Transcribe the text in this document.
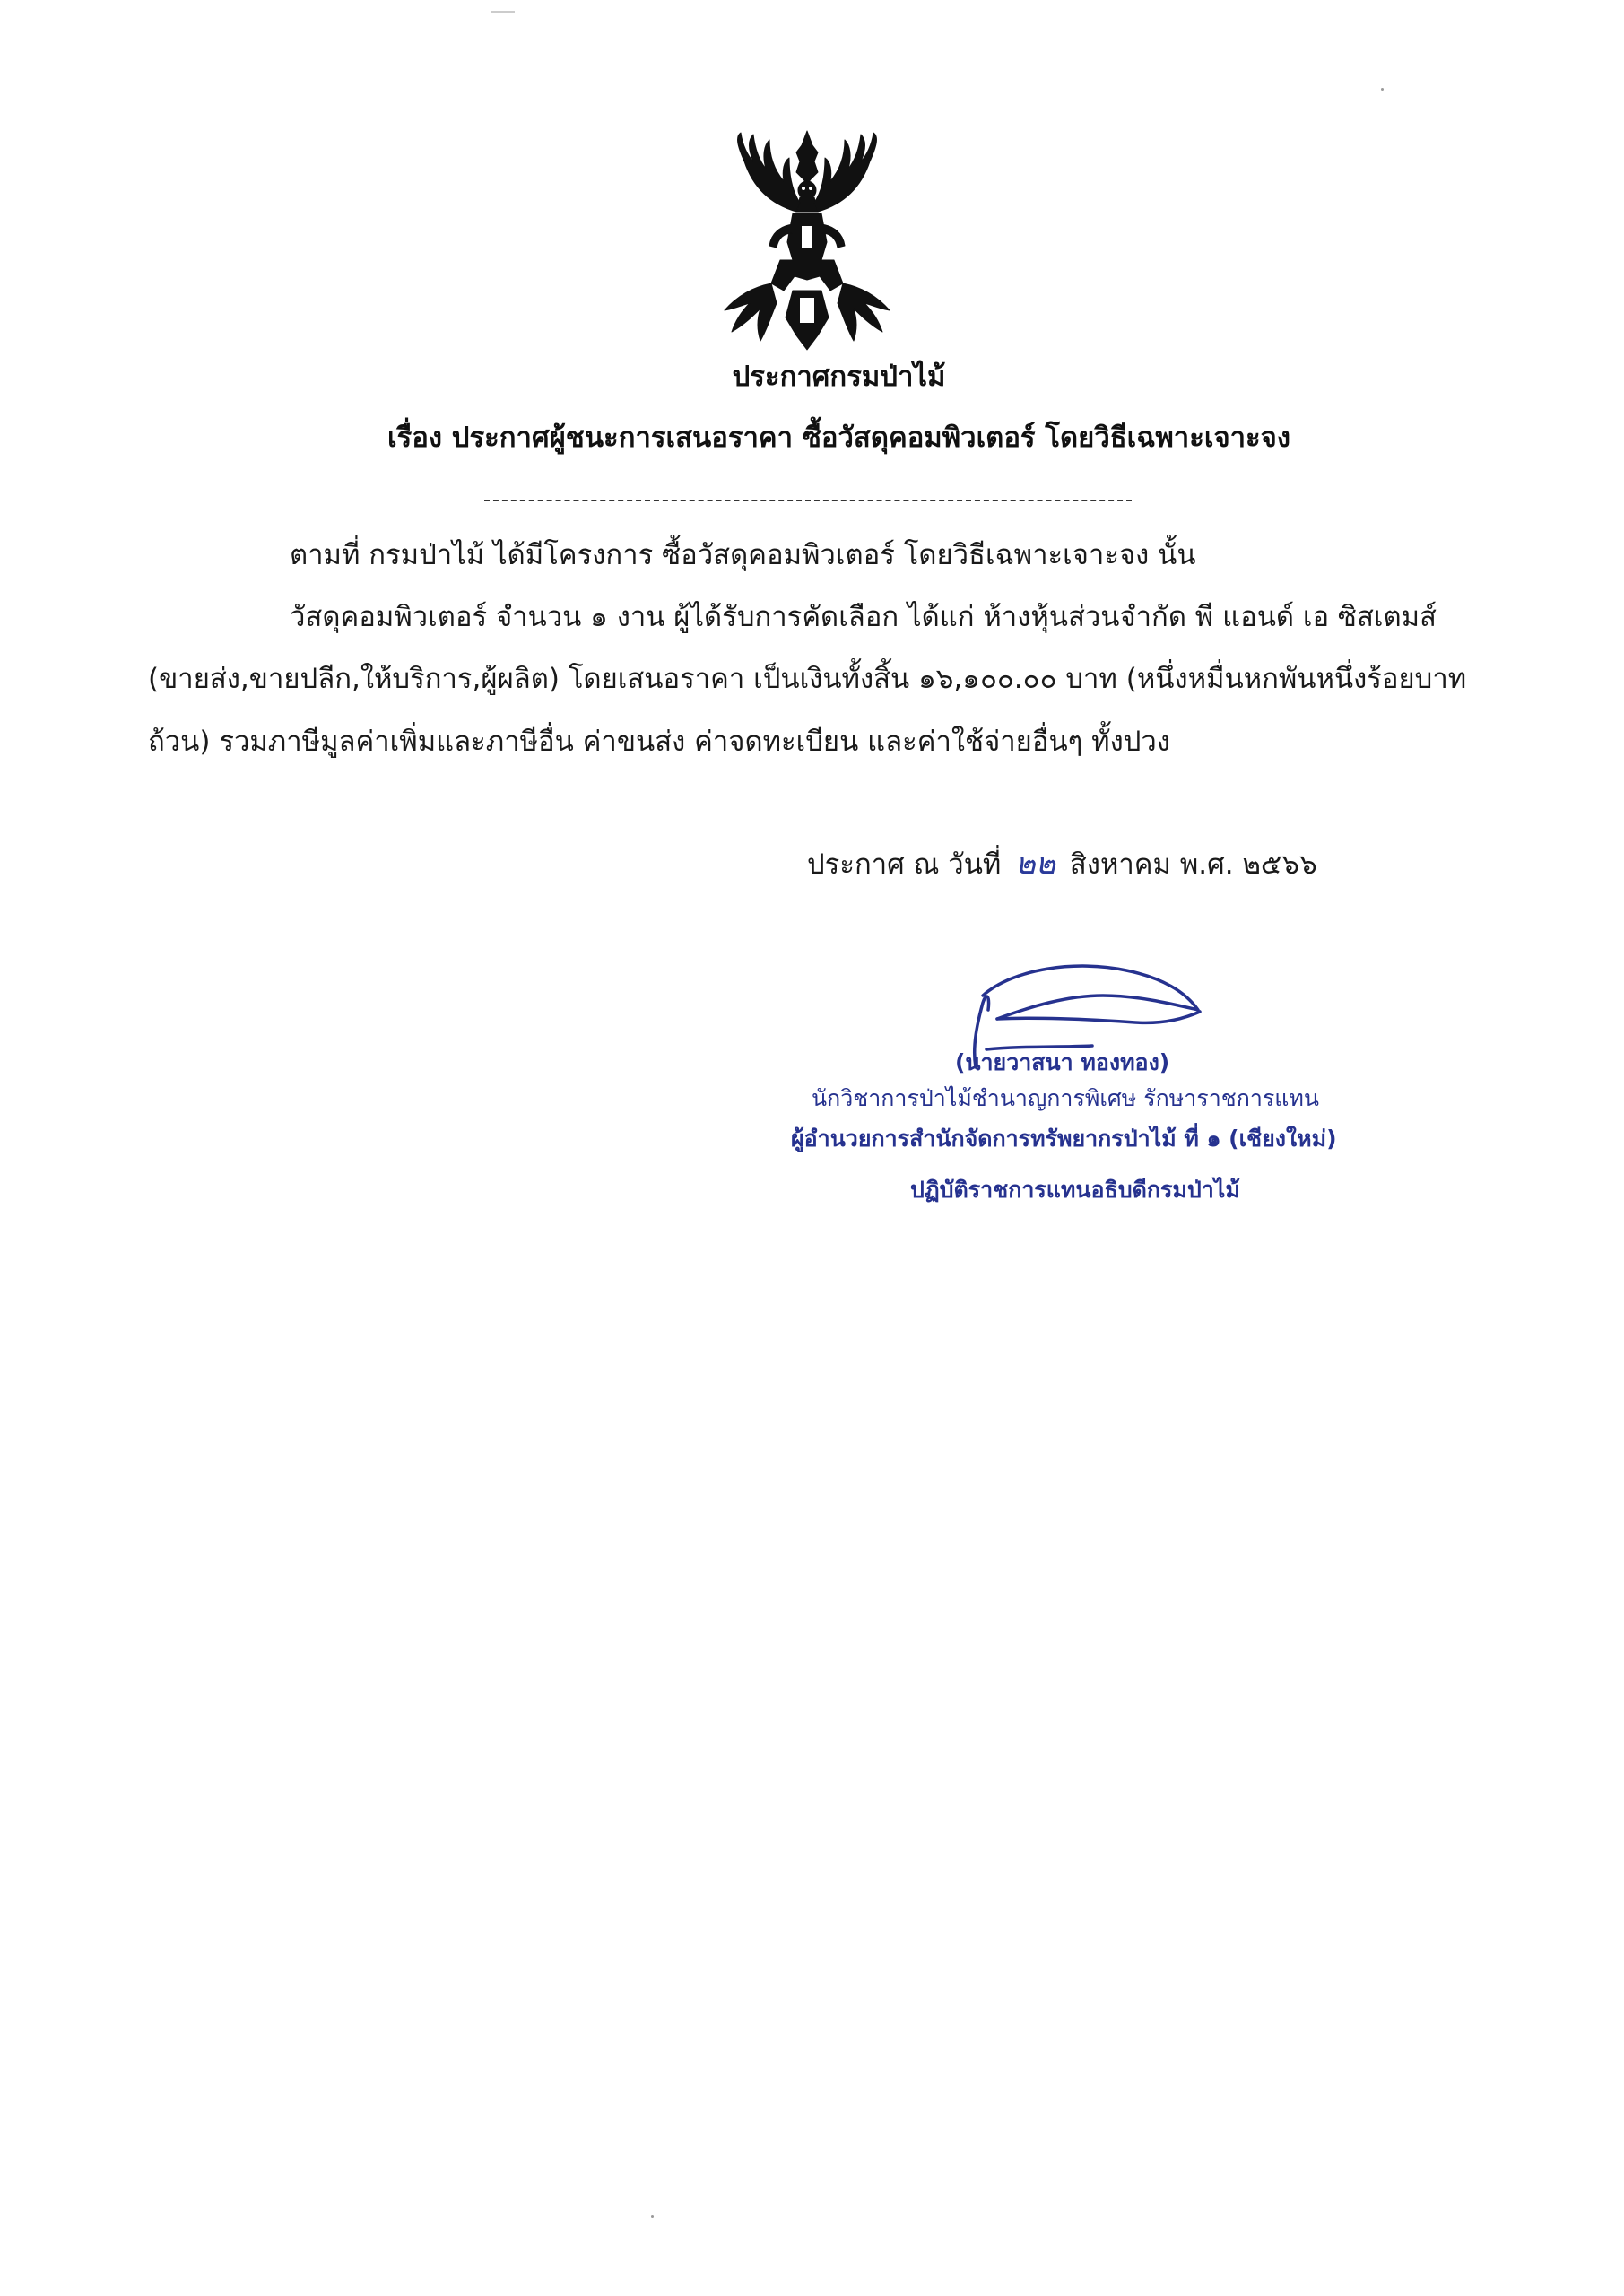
ประกาศกรมป่าไม้
เรื่อง ประกาศผู้ชนะการเสนอราคา ซื้อวัสดุคอมพิวเตอร์ โดยวิธีเฉพาะเจาะจง
ตามที่ กรมป่าไม้ ได้มีโครงการ ซื้อวัสดุคอมพิวเตอร์ โดยวิธีเฉพาะเจาะจง นั้น
วัสดุคอมพิวเตอร์ จำนวน ๑ งาน ผู้ได้รับการคัดเลือก ได้แก่ ห้างหุ้นส่วนจำกัด พี แอนด์ เอ ซิสเตมส์
(ขายส่ง,ขายปลีก,ให้บริการ,ผู้ผลิต) โดยเสนอราคา เป็นเงินทั้งสิ้น ๑๖,๑๐๐.๐๐ บาท (หนึ่งหมื่นหกพันหนึ่งร้อยบาท
ถ้วน) รวมภาษีมูลค่าเพิ่มและภาษีอื่น ค่าขนส่ง ค่าจดทะเบียน และค่าใช้จ่ายอื่นๆ ทั้งปวง
ประกาศ ณ วันที่ ๒๒ สิงหาคม พ.ศ. ๒๕๖๖
(นายวาสนา ทองทอง)
นักวิชาการป่าไม้ชำนาญการพิเศษ รักษาราชการแทน
ผู้อำนวยการสำนักจัดการทรัพยากรป่าไม้ ที่ ๑ (เชียงใหม่)
ปฏิบัติราชการแทนอธิบดีกรมป่าไม้
